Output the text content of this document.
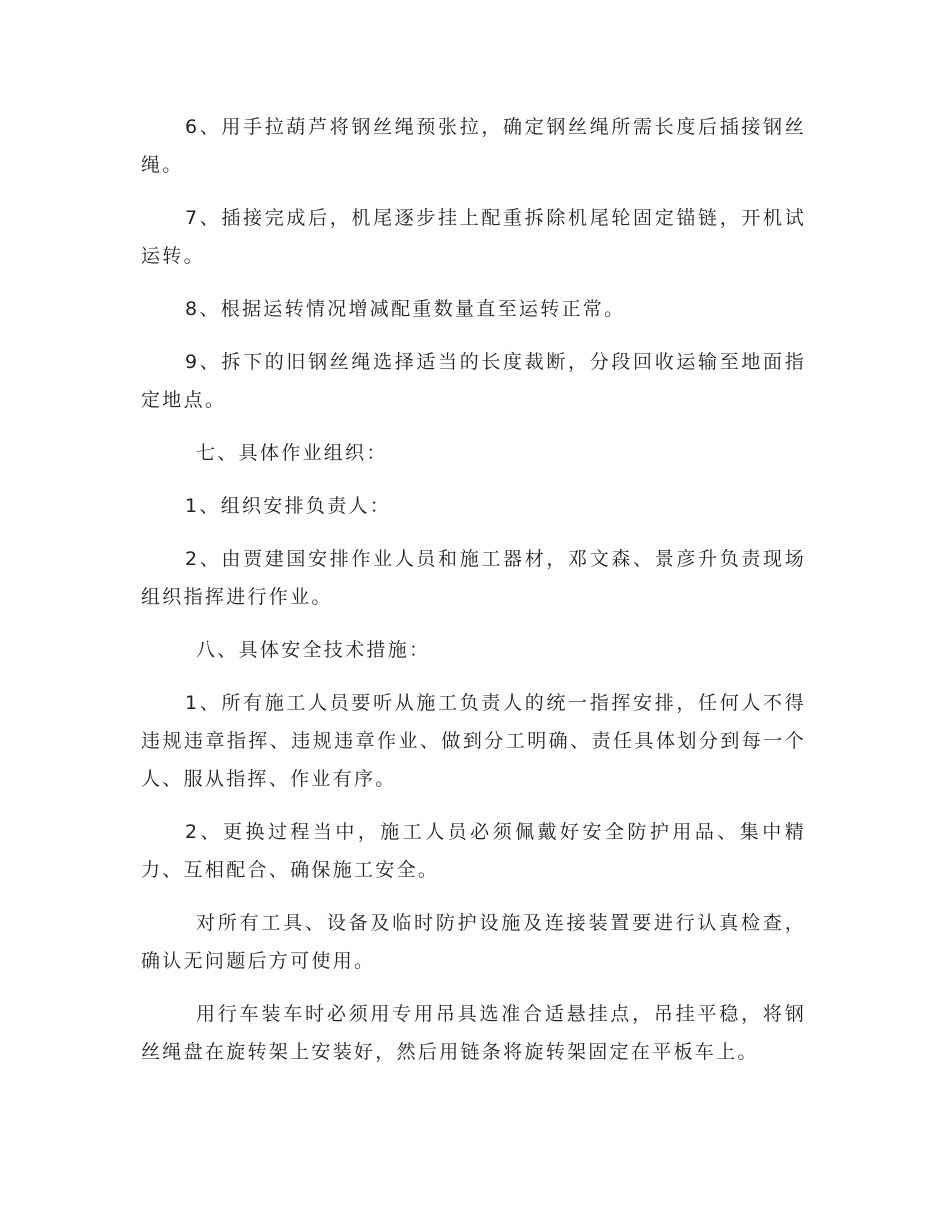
6、用手拉葫芦将钢丝绳预张拉，确定钢丝绳所需长度后插接钢丝绳。

7、插接完成后，机尾逐步挂上配重拆除机尾轮固定锚链，开机试运转。

8、根据运转情况增减配重数量直至运转正常。

9、拆下的旧钢丝绳选择适当的长度裁断，分段回收运输至地面指定地点。

七、具体作业组织：

1、组织安排负责人：

2、由贾建国安排作业人员和施工器材，邓文森、景彦升负责现场组织指挥进行作业。

八、具体安全技术措施：

1、所有施工人员要听从施工负责人的统一指挥安排，任何人不得违规违章指挥、违规违章作业、做到分工明确、责任具体划分到每一个人、服从指挥、作业有序。

2、更换过程当中，施工人员必须佩戴好安全防护用品、集中精力、互相配合、确保施工安全。

对所有工具、设备及临时防护设施及连接装置要进行认真检查，确认无问题后方可使用。

用行车装车时必须用专用吊具选准合适悬挂点，吊挂平稳，将钢丝绳盘在旋转架上安装好，然后用链条将旋转架固定在平板车上。
